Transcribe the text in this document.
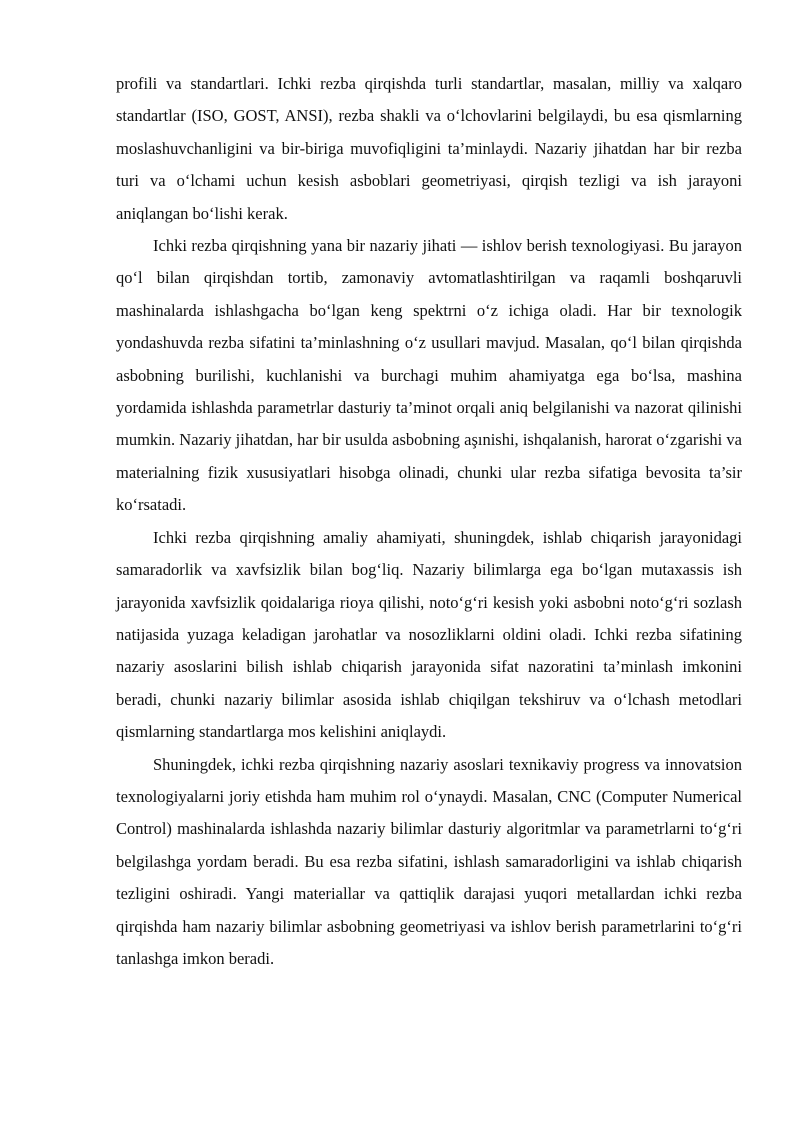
profili va standartlari. Ichki rezba qirqishda turli standartlar, masalan, milliy va xalqaro standartlar (ISO, GOST, ANSI), rezba shakli va o‘lchovlarini belgilaydi, bu esa qismlarning moslashuvchanligini va bir-biriga muvofiqligini ta’minlaydi. Nazariy jihatdan har bir rezba turi va o‘lchami uchun kesish asboblari geometriyasi, qirqish tezligi va ish jarayoni aniqlangan bo‘lishi kerak.

Ichki rezba qirqishning yana bir nazariy jihati — ishlov berish texnologiyasi. Bu jarayon qo‘l bilan qirqishdan tortib, zamonaviy avtomatlashtirilgan va raqamli boshqaruvli mashinalarda ishlashgacha bo‘lgan keng spektrni o‘z ichiga oladi. Har bir texnologik yondashuvda rezba sifatini ta’minlashning o‘z usullari mavjud. Masalan, qo‘l bilan qirqishda asbobning burilishi, kuchlanishi va burchagi muhim ahamiyatga ega bo‘lsa, mashina yordamida ishlashda parametrlar dasturiy ta’minot orqali aniq belgilanishi va nazorat qilinishi mumkin. Nazariy jihatdan, har bir usulda asbobning aşınishi, ishqalanish, harorat o‘zgarishi va materialning fizik xususiyatlari hisobga olinadi, chunki ular rezba sifatiga bevosita ta’sir ko‘rsatadi.

Ichki rezba qirqishning amaliy ahamiyati, shuningdek, ishlab chiqarish jarayonidagi samaradorlik va xavfsizlik bilan bog‘liq. Nazariy bilimlarga ega bo‘lgan mutaxassis ish jarayonida xavfsizlik qoidalariga rioya qilishi, noto‘g‘ri kesish yoki asbobni noto‘g‘ri sozlash natijasida yuzaga keladigan jarohatlar va nosozliklarni oldini oladi. Ichki rezba sifatining nazariy asoslarini bilish ishlab chiqarish jarayonida sifat nazoratini ta’minlash imkonini beradi, chunki nazariy bilimlar asosida ishlab chiqilgan tekshiruv va o‘lchash metodlari qismlarning standartlarga mos kelishini aniqlaydi.

Shuningdek, ichki rezba qirqishning nazariy asoslari texnikaviy progress va innovatsion texnologiyalarni joriy etishda ham muhim rol o‘ynaydi. Masalan, CNC (Computer Numerical Control) mashinalarda ishlashda nazariy bilimlar dasturiy algoritmlar va parametrlarni to‘g‘ri belgilashga yordam beradi. Bu esa rezba sifatini, ishlash samaradorligini va ishlab chiqarish tezligini oshiradi. Yangi materiallar va qattiqlik darajasi yuqori metallardan ichki rezba qirqishda ham nazariy bilimlar asbobning geometriyasi va ishlov berish parametrlarini to‘g‘ri tanlashga imkon beradi.
